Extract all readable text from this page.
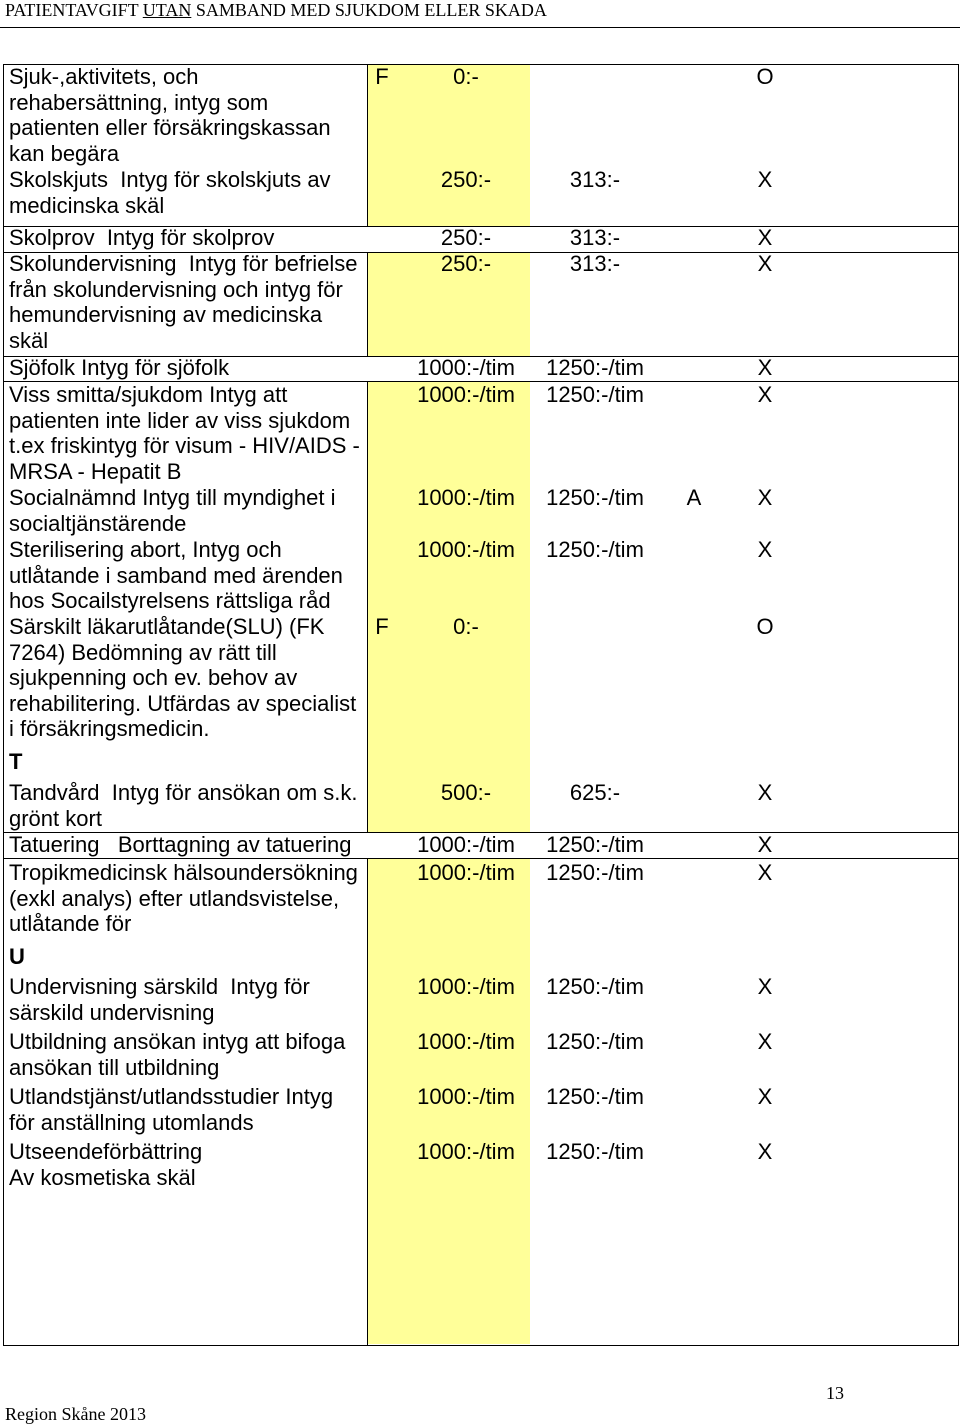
PATIENTAVGIFT UTAN SAMBAND MED SJUKDOM ELLER SKADA
Sjuk-,aktivitets, och
rehabersättning, intyg som
patienten eller försäkringskassan
kan begära
F	0:-	O
Skolskjuts  Intyg för skolskjuts av
medicinska skäl
250:-	313:-	X
Skolprov  Intyg för skolprov	250:-	313:-	X
Skolundervisning  Intyg för befrielse
från skolundervisning och intyg för
hemundervisning av medicinska
skäl
250:-	313:-	X
Sjöfolk Intyg för sjöfolk	1000:-/tim	1250:-/tim	X
Viss smitta/sjukdom Intyg att
patienten inte lider av viss sjukdom
t.ex friskintyg för visum - HIV/AIDS -
MRSA - Hepatit B
1000:-/tim	1250:-/tim	X
Socialnämnd Intyg till myndighet i
socialtjänstärende
1000:-/tim	1250:-/tim	A	X
Sterilisering abort, Intyg och
utlåtande i samband med ärenden
hos Socailstyrelsens rättsliga råd
1000:-/tim	1250:-/tim	X
Särskilt läkarutlåtande(SLU) (FK
7264) Bedömning av rätt till
sjukpenning och ev. behov av
rehabilitering. Utfärdas av specialist
i försäkringsmedicin.
F	0:-	O
T
Tandvård  Intyg för ansökan om s.k.
grönt kort
500:-	625:-	X
Tatuering   Borttagning av tatuering	1000:-/tim	1250:-/tim	X
Tropikmedicinsk hälsoundersökning
(exkl analys) efter utlandsvistelse,
utlåtande för
1000:-/tim	1250:-/tim	X
U
Undervisning särskild  Intyg för
särskild undervisning
1000:-/tim	1250:-/tim	X
Utbildning ansökan intyg att bifoga
ansökan till utbildning
1000:-/tim	1250:-/tim	X
Utlandstjänst/utlandsstudier Intyg
för anställning utomlands
1000:-/tim	1250:-/tim	X
Utseendeförbättring
Av kosmetiska skäl
1000:-/tim	1250:-/tim	X
13
Region Skåne 2013
